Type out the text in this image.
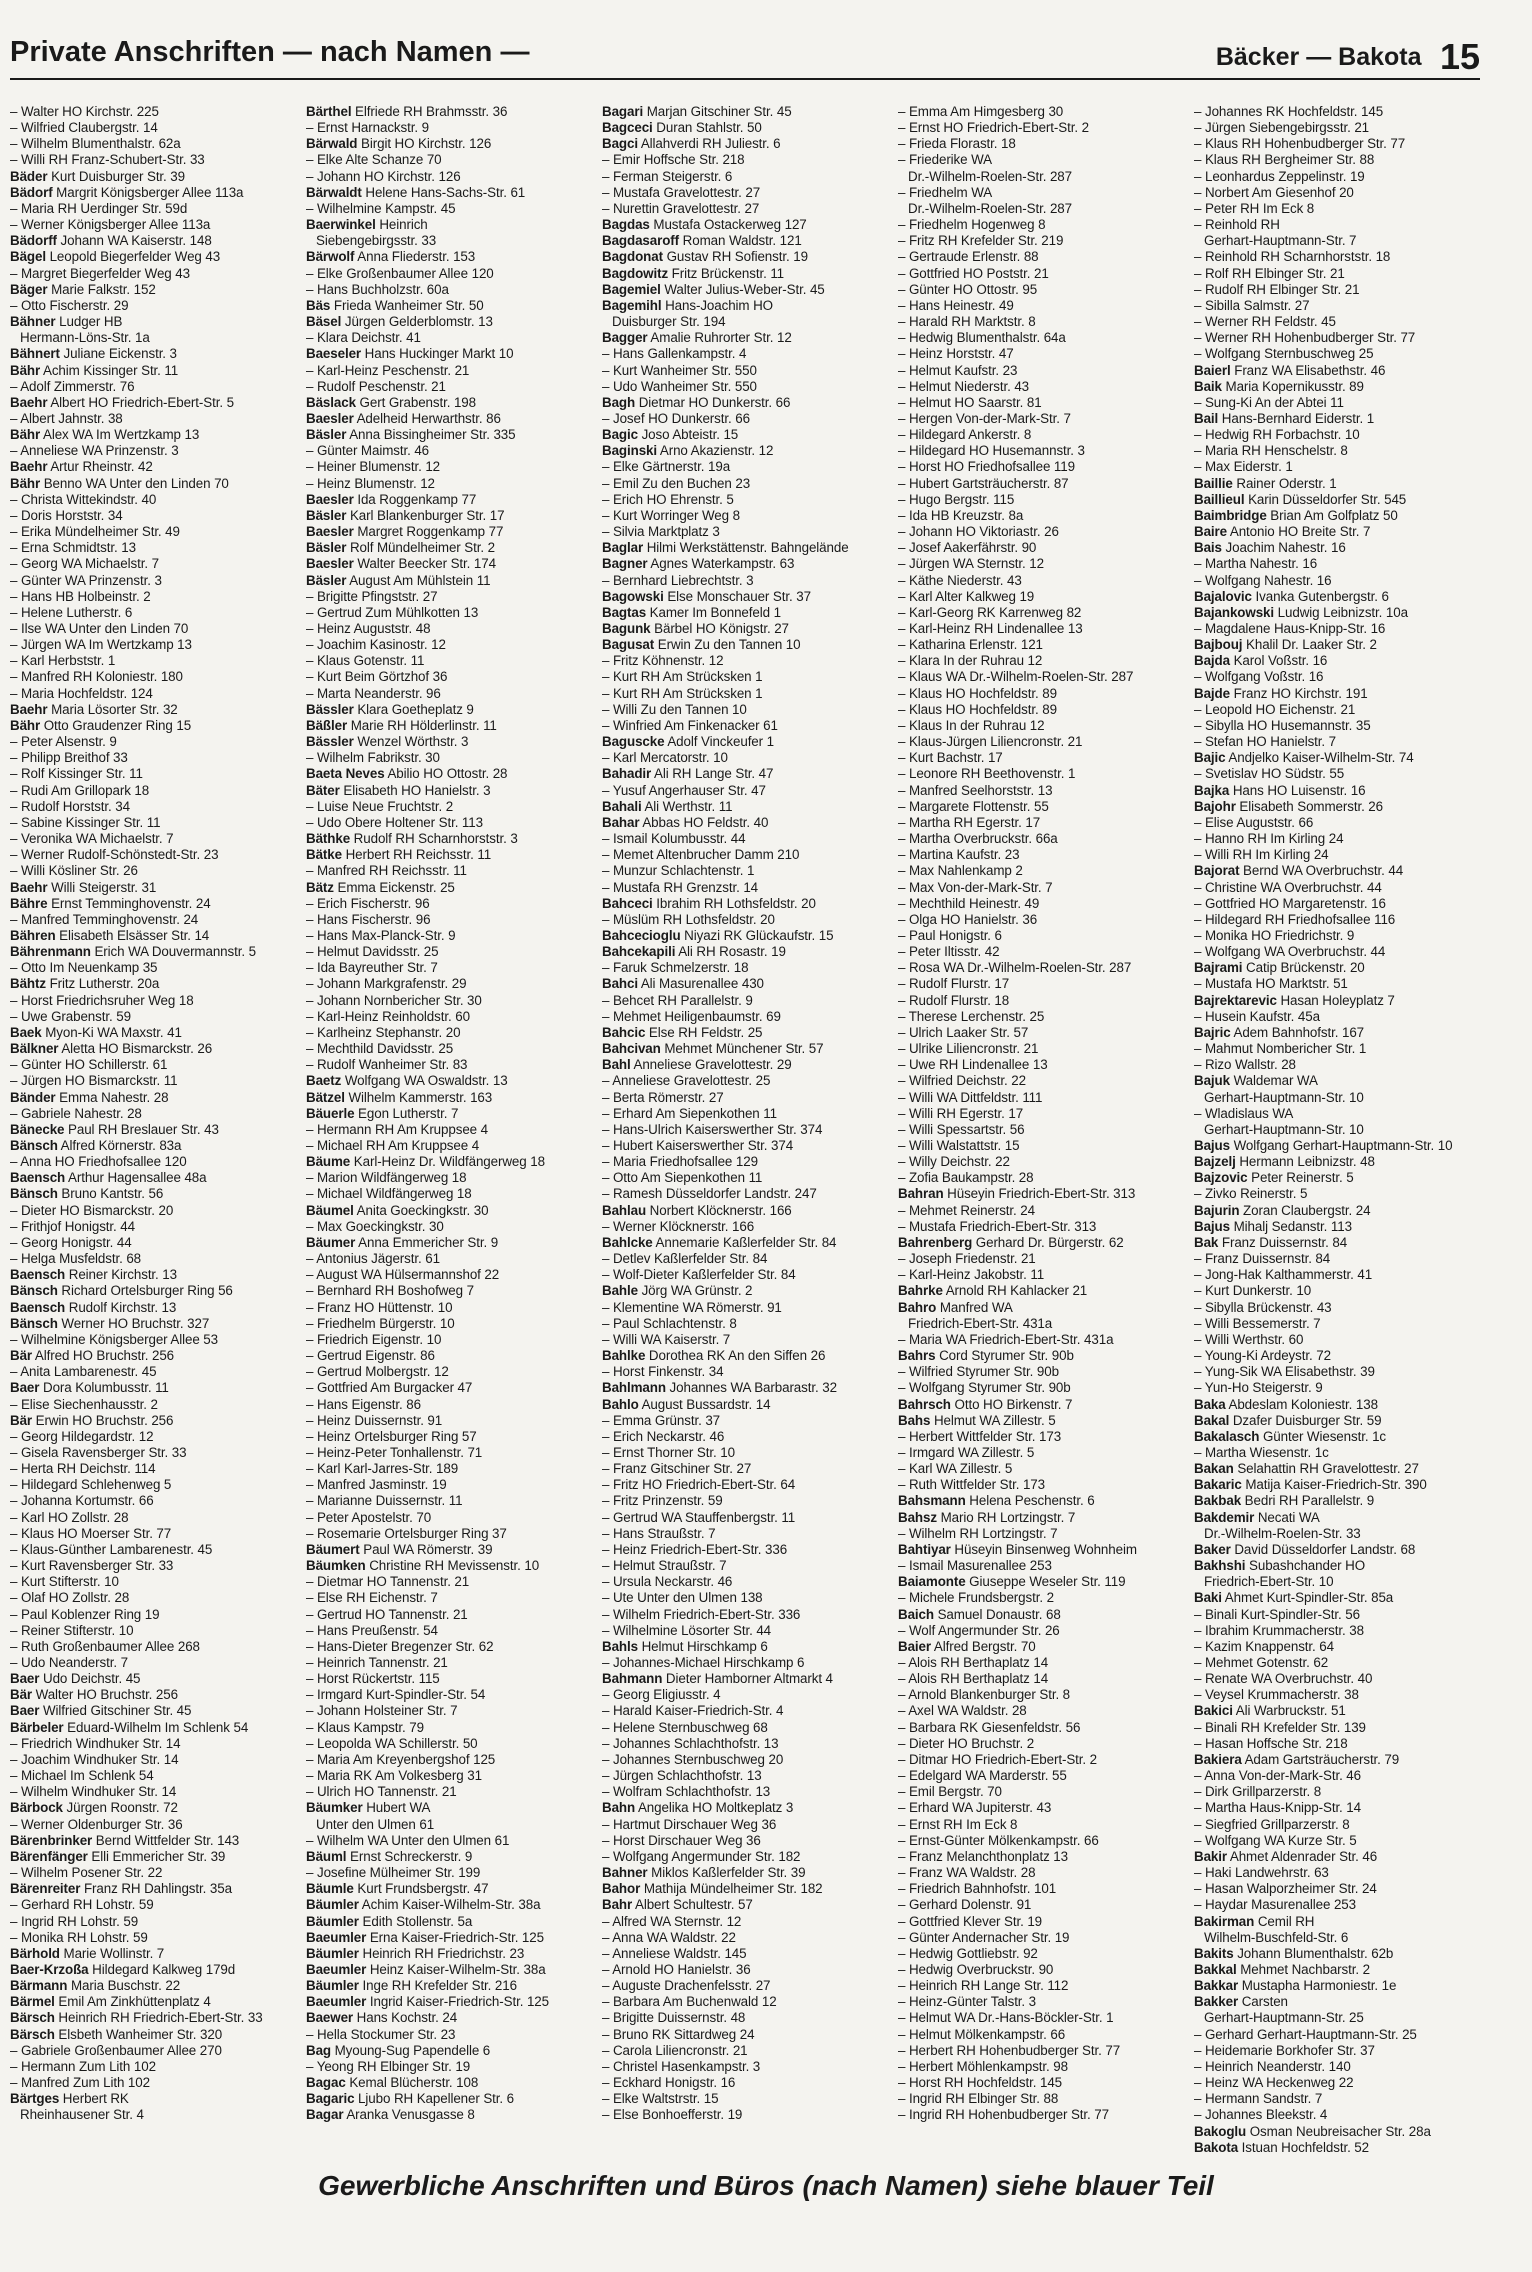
Private Anschriften — nach Namen —	Bäcker — Bakota 15
– Walter HO Kirchstr. 225
– Wilfried Claubergstr. 14
– Wilhelm Blumenthalstr. 62a
– Willi RH Franz-Schubert-Str. 33
Bäder Kurt Duisburger Str. 39
Bädorf Margrit Königsberger Allee 113a
– Maria RH Uerdinger Str. 59d
– Werner Königsberger Allee 113a
Bädorff Johann WA Kaiserstr. 148
Bägel Leopold Biegerfelder Weg 43
– Margret Biegerfelder Weg 43
Bäger Marie Falkstr. 152
– Otto Fischerstr. 29
Bähner Ludger HB
Hermann-Löns-Str. 1a
Bähnert Juliane Eickenstr. 3
Bähr Achim Kissinger Str. 11
– Adolf Zimmerstr. 76
Baehr Albert HO Friedrich-Ebert-Str. 5
– Albert Jahnstr. 38
Bähr Alex WA Im Wertzkamp 13
– Anneliese WA Prinzenstr. 3
Baehr Artur Rheinstr. 42
Bähr Benno WA Unter den Linden 70
– Christa Wittekindstr. 40
– Doris Horststr. 34
– Erika Mündelheimer Str. 49
– Erna Schmidtstr. 13
– Georg WA Michaelstr. 7
– Günter WA Prinzenstr. 3
– Hans HB Holbeinstr. 2
– Helene Lutherstr. 6
– Ilse WA Unter den Linden 70
– Jürgen WA Im Wertzkamp 13
– Karl Herbststr. 1
– Manfred RH Koloniestr. 180
– Maria Hochfeldstr. 124
Baehr Maria Lösorter Str. 32
Bähr Otto Graudenzer Ring 15
– Peter Alsenstr. 9
– Philipp Breithof 33
– Rolf Kissinger Str. 11
– Rudi Am Grillopark 18
– Rudolf Horststr. 34
– Sabine Kissinger Str. 11
– Veronika WA Michaelstr. 7
– Werner Rudolf-Schönstedt-Str. 23
– Willi Kösliner Str. 26
Baehr Willi Steigerstr. 31
Bähre Ernst Temminghovenstr. 24
– Manfred Temminghovenstr. 24
Bähren Elisabeth Elsässer Str. 14
Bährenmann Erich WA Douvermannstr. 5
– Otto Im Neuenkamp 35
Bähtz Fritz Lutherstr. 20a
– Horst Friedrichsruher Weg 18
– Uwe Grabenstr. 59
Baek Myon-Ki WA Maxstr. 41
Bälkner Aletta HO Bismarckstr. 26
– Günter HO Schillerstr. 61
– Jürgen HO Bismarckstr. 11
Bänder Emma Nahestr. 28
– Gabriele Nahestr. 28
Bänecke Paul RH Breslauer Str. 43
Bänsch Alfred Körnerstr. 83a
– Anna HO Friedhofsallee 120
Baensch Arthur Hagensallee 48a
Bänsch Bruno Kantstr. 56
– Dieter HO Bismarckstr. 20
– Frithjof Honigstr. 44
– Georg Honigstr. 44
– Helga Musfeldstr. 68
Baensch Reiner Kirchstr. 13
Bänsch Richard Ortelsburger Ring 56
Baensch Rudolf Kirchstr. 13
Bänsch Werner HO Bruchstr. 327
– Wilhelmine Königsberger Allee 53
Bär Alfred HO Bruchstr. 256
– Anita Lambarenestr. 45
Baer Dora Kolumbusstr. 11
– Elise Siechenhausstr. 2
Bär Erwin HO Bruchstr. 256
– Georg Hildegardstr. 12
– Gisela Ravensberger Str. 33
– Herta RH Deichstr. 114
– Hildegard Schlehenweg 5
– Johanna Kortumstr. 66
– Karl HO Zollstr. 28
– Klaus HO Moerser Str. 77
– Klaus-Günther Lambarenestr. 45
– Kurt Ravensberger Str. 33
– Kurt Stifterstr. 10
– Olaf HO Zollstr. 28
– Paul Koblenzer Ring 19
– Reiner Stifterstr. 10
– Ruth Großenbaumer Allee 268
– Udo Neanderstr. 7
Baer Udo Deichstr. 45
Bär Walter HO Bruchstr. 256
Baer Wilfried Gitschiner Str. 45
Bärbeler Eduard-Wilhelm Im Schlenk 54
– Friedrich Windhuker Str. 14
– Joachim Windhuker Str. 14
– Michael Im Schlenk 54
– Wilhelm Windhuker Str. 14
Bärbock Jürgen Roonstr. 72
– Werner Oldenburger Str. 36
Bärenbrinker Bernd Wittfelder Str. 143
Bärenfänger Elli Emmericher Str. 39
– Wilhelm Posener Str. 22
Bärenreiter Franz RH Dahlingstr. 35a
– Gerhard RH Lohstr. 59
– Ingrid RH Lohstr. 59
– Monika RH Lohstr. 59
Bärhold Marie Wollinstr. 7
Baer-Krzoßa Hildegard Kalkweg 179d
Bärmann Maria Buschstr. 22
Bärmel Emil Am Zinkhüttenplatz 4
Bärsch Heinrich RH Friedrich-Ebert-Str. 33
Bärsch Elsbeth Wanheimer Str. 320
– Gabriele Großenbaumer Allee 270
– Hermann Zum Lith 102
– Manfred Zum Lith 102
Bärtges Herbert RK
Rheinhausener Str. 4
Bärthel Elfriede RH Brahmsstr. 36
– Ernst Harnackstr. 9
Bärwald Birgit HO Kirchstr. 126
– Elke Alte Schanze 70
– Johann HO Kirchstr. 126
Bärwaldt Helene Hans-Sachs-Str. 61
– Wilhelmine Kampstr. 45
Baerwinkel Heinrich
Siebengebirgsstr. 33
Bärwolf Anna Fliederstr. 153
– Elke Großenbaumer Allee 120
– Hans Buchholzstr. 60a
Bäs Frieda Wanheimer Str. 50
Bäsel Jürgen Gelderblomstr. 13
– Klara Deichstr. 41
Baeseler Hans Huckinger Markt 10
– Karl-Heinz Peschenstr. 21
– Rudolf Peschenstr. 21
Bäslack Gert Grabenstr. 198
Baesler Adelheid Herwarthstr. 86
Bäsler Anna Bissingheimer Str. 335
– Günter Maimstr. 46
– Heiner Blumenstr. 12
– Heinz Blumenstr. 12
Baesler Ida Roggenkamp 77
Bäsler Karl Blankenburger Str. 17
Baesler Margret Roggenkamp 77
Bäsler Rolf Mündelheimer Str. 2
Baesler Walter Beecker Str. 174
Bäsler August Am Mühlstein 11
– Brigitte Pfingststr. 27
– Gertrud Zum Mühlkotten 13
– Heinz Auguststr. 48
– Joachim Kasinostr. 12
– Klaus Gotenstr. 11
– Kurt Beim Görtzhof 36
– Marta Neanderstr. 96
Bässler Klara Goetheplatz 9
Bäßler Marie RH Hölderlinstr. 11
Bässler Wenzel Wörthstr. 3
– Wilhelm Fabrikstr. 30
Baeta Neves Abilio HO Ottostr. 28
Bäter Elisabeth HO Hanielstr. 3
– Luise Neue Fruchtstr. 2
– Udo Obere Holtener Str. 113
Bäthke Rudolf RH Scharnhorststr. 3
Bätke Herbert RH Reichsstr. 11
– Manfred RH Reichsstr. 11
Bätz Emma Eickenstr. 25
– Erich Fischerstr. 96
– Hans Fischerstr. 96
– Hans Max-Planck-Str. 9
– Helmut Davidsstr. 25
– Ida Bayreuther Str. 7
– Johann Markgrafenstr. 29
– Johann Nornbericher Str. 30
– Karl-Heinz Reinholdstr. 60
– Karlheinz Stephanstr. 20
– Mechthild Davidsstr. 25
– Rudolf Wanheimer Str. 83
Baetz Wolfgang WA Oswaldstr. 13
Bätzel Wilhelm Kammerstr. 163
Bäuerle Egon Lutherstr. 7
– Hermann RH Am Kruppsee 4
– Michael RH Am Kruppsee 4
Bäume Karl-Heinz Dr. Wildfängerweg 18
– Marion Wildfängerweg 18
– Michael Wildfängerweg 18
Bäumel Anita Goeckingkstr. 30
– Max Goeckingkstr. 30
Bäumer Anna Emmericher Str. 9
– Antonius Jägerstr. 61
– August WA Hülsermannshof 22
– Bernhard RH Boshofweg 7
– Franz HO Hüttenstr. 10
– Friedhelm Bürgerstr. 10
– Friedrich Eigenstr. 10
– Gertrud Eigenstr. 86
– Gertrud Molbergstr. 12
– Gottfried Am Burgacker 47
– Hans Eigenstr. 86
– Heinz Duissernstr. 91
– Heinz Ortelsburger Ring 57
– Heinz-Peter Tonhallenstr. 71
– Karl Karl-Jarres-Str. 189
– Manfred Jasminstr. 19
– Marianne Duissernstr. 11
– Peter Apostelstr. 70
– Rosemarie Ortelsburger Ring 37
Bäumert Paul WA Römerstr. 39
Bäumken Christine RH Mevissenstr. 10
– Dietmar HO Tannenstr. 21
– Else RH Eichenstr. 7
– Gertrud HO Tannenstr. 21
– Hans Preußenstr. 54
– Hans-Dieter Bregenzer Str. 62
– Heinrich Tannenstr. 21
– Horst Rückertstr. 115
– Irmgard Kurt-Spindler-Str. 54
– Johann Holsteiner Str. 7
– Klaus Kampstr. 79
– Leopolda WA Schillerstr. 50
– Maria Am Kreyenbergshof 125
– Maria RK Am Volkesberg 31
– Ulrich HO Tannenstr. 21
Bäumker Hubert WA
Unter den Ulmen 61
– Wilhelm WA Unter den Ulmen 61
Bäuml Ernst Schreckerstr. 9
– Josefine Mülheimer Str. 199
Bäumle Kurt Frundsbergstr. 47
Bäumler Achim Kaiser-Wilhelm-Str. 38a
Bäumler Edith Stollenstr. 5a
Baeumler Erna Kaiser-Friedrich-Str. 125
Bäumler Heinrich RH Friedrichstr. 23
Baeumler Heinz Kaiser-Wilhelm-Str. 38a
Bäumler Inge RH Krefelder Str. 216
Baeumler Ingrid Kaiser-Friedrich-Str. 125
Baewer Hans Kochstr. 24
– Hella Stockumer Str. 23
Bag Myoung-Sug Papendelle 6
– Yeong RH Elbinger Str. 19
Bagac Kemal Blücherstr. 108
Bagaric Ljubo RH Kapellener Str. 6
Bagar Aranka Venusgasse 8
Bagari Marjan Gitschiner Str. 45
Bagceci Duran Stahlstr. 50
Bagci Allahverdi RH Juliestr. 6
– Emir Hoffsche Str. 218
– Ferman Steigerstr. 6
– Mustafa Gravelottestr. 27
– Nurettin Gravelottestr. 27
Bagdas Mustafa Ostackerweg 127
Bagdasaroff Roman Waldstr. 121
Bagdonat Gustav RH Sofienstr. 19
Bagdowitz Fritz Brückenstr. 11
Bagemiel Walter Julius-Weber-Str. 45
Bagemihl Hans-Joachim HO
Duisburger Str. 194
Bagger Amalie Ruhrorter Str. 12
– Hans Gallenkampstr. 4
– Kurt Wanheimer Str. 550
– Udo Wanheimer Str. 550
Bagh Dietmar HO Dunkerstr. 66
– Josef HO Dunkerstr. 66
Bagic Joso Abteistr. 15
Baginski Arno Akazienstr. 12
– Elke Gärtnerstr. 19a
– Emil Zu den Buchen 23
– Erich HO Ehrenstr. 5
– Kurt Worringer Weg 8
– Silvia Marktplatz 3
Baglar Hilmi Werkstättenstr. Bahngelände
Bagner Agnes Waterkampstr. 63
– Bernhard Liebrechtstr. 3
Bagowski Else Monschauer Str. 37
Bagtas Kamer Im Bonnefeld 1
Bagunk Bärbel HO Königstr. 27
Bagusat Erwin Zu den Tannen 10
– Fritz Köhnenstr. 12
– Kurt RH Am Strücksken 1
– Kurt RH Am Strücksken 1
– Willi Zu den Tannen 10
– Winfried Am Finkenacker 61
Baguscke Adolf Vinckeufer 1
– Karl Mercatorstr. 10
Bahadir Ali RH Lange Str. 47
– Yusuf Angerhauser Str. 47
Bahali Ali Werthstr. 11
Bahar Abbas HO Feldstr. 40
– Ismail Kolumbusstr. 44
– Memet Altenbrucher Damm 210
– Munzur Schlachtenstr. 1
– Mustafa RH Grenzstr. 14
Bahceci Ibrahim RH Lothsfeldstr. 20
– Müslüm RH Lothsfeldstr. 20
Bahcecioglu Niyazi RK Glückaufstr. 15
Bahcekapili Ali RH Rosastr. 19
– Faruk Schmelzerstr. 18
Bahci Ali Masurenallee 430
– Behcet RH Parallelstr. 9
– Mehmet Heiligenbaumstr. 69
Bahcic Else RH Feldstr. 25
Bahcivan Mehmet Münchener Str. 57
Bahl Anneliese Gravelottestr. 29
– Anneliese Gravelottestr. 25
– Berta Römerstr. 27
– Erhard Am Siepenkothen 11
– Hans-Ulrich Kaiserswerther Str. 374
– Hubert Kaiserswerther Str. 374
– Maria Friedhofsallee 129
– Otto Am Siepenkothen 11
– Ramesh Düsseldorfer Landstr. 247
Bahlau Norbert Klöcknerstr. 166
– Werner Klöcknerstr. 166
Bahlcke Annemarie Kaßlerfelder Str. 84
– Detlev Kaßlerfelder Str. 84
– Wolf-Dieter Kaßlerfelder Str. 84
Bahle Jörg WA Grünstr. 2
– Klementine WA Römerstr. 91
– Paul Schlachtenstr. 8
– Willi WA Kaiserstr. 7
Bahlke Dorothea RK An den Siffen 26
– Horst Finkenstr. 34
Bahlmann Johannes WA Barbarastr. 32
Bahlo August Bussardstr. 14
– Emma Grünstr. 37
– Erich Neckarstr. 46
– Ernst Thorner Str. 10
– Franz Gitschiner Str. 27
– Fritz HO Friedrich-Ebert-Str. 64
– Fritz Prinzenstr. 59
– Gertrud WA Stauffenbergstr. 11
– Hans Straußstr. 7
– Heinz Friedrich-Ebert-Str. 336
– Helmut Straußstr. 7
– Ursula Neckarstr. 46
– Ute Unter den Ulmen 138
– Wilhelm Friedrich-Ebert-Str. 336
– Wilhelmine Lösorter Str. 44
Bahls Helmut Hirschkamp 6
– Johannes-Michael Hirschkamp 6
Bahmann Dieter Hamborner Altmarkt 4
– Georg Eligiusstr. 4
– Harald Kaiser-Friedrich-Str. 4
– Helene Sternbuschweg 68
– Johannes Schlachthofstr. 13
– Johannes Sternbuschweg 20
– Jürgen Schlachthofstr. 13
– Wolfram Schlachthofstr. 13
Bahn Angelika HO Moltkeplatz 3
– Hartmut Dirschauer Weg 36
– Horst Dirschauer Weg 36
– Wolfgang Angermunder Str. 182
Bahner Miklos Kaßlerfelder Str. 39
Bahor Mathija Mündelheimer Str. 182
Bahr Albert Schultestr. 57
– Alfred WA Sternstr. 12
– Anna WA Waldstr. 22
– Anneliese Waldstr. 145
– Arnold HO Hanielstr. 36
– Auguste Drachenfelsstr. 27
– Barbara Am Buchenwald 12
– Brigitte Duissernstr. 48
– Bruno RK Sittardweg 24
– Carola Liliencronstr. 21
– Christel Hasenkampstr. 3
– Eckhard Honigstr. 16
– Elke Waltstrstr. 15
– Else Bonhoefferstr. 19
– Emma Am Himgesberg 30
– Ernst HO Friedrich-Ebert-Str. 2
– Frieda Florastr. 18
– Friederike WA
Dr.-Wilhelm-Roelen-Str. 287
– Friedhelm WA
Dr.-Wilhelm-Roelen-Str. 287
– Friedhelm Hogenweg 8
– Fritz RH Krefelder Str. 219
– Gertraude Erlenstr. 88
– Gottfried HO Poststr. 21
– Günter HO Ottostr. 95
– Hans Heinestr. 49
– Harald RH Marktstr. 8
– Hedwig Blumenthalstr. 64a
– Heinz Horststr. 47
– Helmut Kaufstr. 23
– Helmut Niederstr. 43
– Helmut HO Saarstr. 81
– Hergen Von-der-Mark-Str. 7
– Hildegard Ankerstr. 8
– Hildegard HO Husemannstr. 3
– Horst HO Friedhofsallee 119
– Hubert Gartsträucherstr. 87
– Hugo Bergstr. 115
– Ida HB Kreuzstr. 8a
– Johann HO Viktoriastr. 26
– Josef Aakerfährstr. 90
– Jürgen WA Sternstr. 12
– Käthe Niederstr. 43
– Karl Alter Kalkweg 19
– Karl-Georg RK Karrenweg 82
– Karl-Heinz RH Lindenallee 13
– Katharina Erlenstr. 121
– Klara In der Ruhrau 12
– Klaus WA Dr.-Wilhelm-Roelen-Str. 287
– Klaus HO Hochfeldstr. 89
– Klaus HO Hochfeldstr. 89
– Klaus In der Ruhrau 12
– Klaus-Jürgen Liliencronstr. 21
– Kurt Bachstr. 17
– Leonore RH Beethovenstr. 1
– Manfred Seelhorststr. 13
– Margarete Flottenstr. 55
– Martha RH Egerstr. 17
– Martha Overbruckstr. 66a
– Martina Kaufstr. 23
– Max Nahlenkamp 2
– Max Von-der-Mark-Str. 7
– Mechthild Heinestr. 49
– Olga HO Hanielstr. 36
– Paul Honigstr. 6
– Peter Iltisstr. 42
– Rosa WA Dr.-Wilhelm-Roelen-Str. 287
– Rudolf Flurstr. 17
– Rudolf Flurstr. 18
– Therese Lerchenstr. 25
– Ulrich Laaker Str. 57
– Ulrike Liliencronstr. 21
– Uwe RH Lindenallee 13
– Wilfried Deichstr. 22
– Willi WA Dittfeldstr. 111
– Willi RH Egerstr. 17
– Willi Spessartstr. 56
– Willi Walstattstr. 15
– Willy Deichstr. 22
– Zofia Baukampstr. 28
Bahran Hüseyin Friedrich-Ebert-Str. 313
– Mehmet Reinerstr. 24
– Mustafa Friedrich-Ebert-Str. 313
Bahrenberg Gerhard Dr. Bürgerstr. 62
– Joseph Friedenstr. 21
– Karl-Heinz Jakobstr. 11
Bahrke Arnold RH Kahlacker 21
Bahro Manfred WA
Friedrich-Ebert-Str. 431a
– Maria WA Friedrich-Ebert-Str. 431a
Bahrs Cord Styrumer Str. 90b
– Wilfried Styrumer Str. 90b
– Wolfgang Styrumer Str. 90b
Bahrsch Otto HO Birkenstr. 7
Bahs Helmut WA Zillestr. 5
– Herbert Wittfelder Str. 173
– Irmgard WA Zillestr. 5
– Karl WA Zillestr. 5
– Ruth Wittfelder Str. 173
Bahsmann Helena Peschenstr. 6
Bahsz Mario RH Lortzingstr. 7
– Wilhelm RH Lortzingstr. 7
Bahtiyar Hüseyin Binsenweg Wohnheim
– Ismail Masurenallee 253
Baiamonte Giuseppe Weseler Str. 119
– Michele Frundsbergstr. 2
Baich Samuel Donaustr. 68
– Wolf Angermunder Str. 26
Baier Alfred Bergstr. 70
– Alois RH Berthaplatz 14
– Alois RH Berthaplatz 14
– Arnold Blankenburger Str. 8
– Axel WA Waldstr. 28
– Barbara RK Giesenfeldstr. 56
– Dieter HO Bruchstr. 2
– Ditmar HO Friedrich-Ebert-Str. 2
– Edelgard WA Marderstr. 55
– Emil Bergstr. 70
– Erhard WA Jupiterstr. 43
– Ernst RH Im Eck 8
– Ernst-Günter Mölkenkampstr. 66
– Franz Melanchthonplatz 13
– Franz WA Waldstr. 28
– Friedrich Bahnhofstr. 101
– Gerhard Dolenstr. 91
– Gottfried Klever Str. 19
– Günter Andernacher Str. 19
– Hedwig Gottliebstr. 92
– Hedwig Overbruckstr. 90
– Heinrich RH Lange Str. 112
– Heinz-Günter Talstr. 3
– Helmut WA Dr.-Hans-Böckler-Str. 1
– Helmut Mölkenkampstr. 66
– Herbert RH Hohenbudberger Str. 77
– Herbert Möhlenkampstr. 98
– Horst RH Hochfeldstr. 145
– Ingrid RH Elbinger Str. 88
– Ingrid RH Hohenbudberger Str. 77
– Johannes RK Hochfeldstr. 145
– Jürgen Siebengebirgsstr. 21
– Klaus RH Hohenbudberger Str. 77
– Klaus RH Bergheimer Str. 88
– Leonhardus Zeppelinstr. 19
– Norbert Am Giesenhof 20
– Peter RH Im Eck 8
– Reinhold RH
Gerhart-Hauptmann-Str. 7
– Reinhold RH Scharnhorststr. 18
– Rolf RH Elbinger Str. 21
– Rudolf RH Elbinger Str. 21
– Sibilla Salmstr. 27
– Werner RH Feldstr. 45
– Werner RH Hohenbudberger Str. 77
– Wolfgang Sternbuschweg 25
Baierl Franz WA Elisabethstr. 46
Baik Maria Kopernikusstr. 89
– Sung-Ki An der Abtei 11
Bail Hans-Bernhard Eiderstr. 1
– Hedwig RH Forbachstr. 10
– Maria RH Henschelstr. 8
– Max Eiderstr. 1
Baillie Rainer Oderstr. 1
Baillieul Karin Düsseldorfer Str. 545
Baimbridge Brian Am Golfplatz 50
Baire Antonio HO Breite Str. 7
Bais Joachim Nahestr. 16
– Martha Nahestr. 16
– Wolfgang Nahestr. 16
Bajalovic Ivanka Gutenbergstr. 6
Bajankowski Ludwig Leibnizstr. 10a
– Magdalene Haus-Knipp-Str. 16
Bajbouj Khalil Dr. Laaker Str. 2
Bajda Karol Voßstr. 16
– Wolfgang Voßstr. 16
Bajde Franz HO Kirchstr. 191
– Leopold HO Eichenstr. 21
– Sibylla HO Husemannstr. 35
– Stefan HO Hanielstr. 7
Bajic Andjelko Kaiser-Wilhelm-Str. 74
– Svetislav HO Südstr. 55
Bajka Hans HO Luisenstr. 16
Bajohr Elisabeth Sommerstr. 26
– Elise Auguststr. 66
– Hanno RH Im Kirling 24
– Willi RH Im Kirling 24
Bajorat Bernd WA Overbruchstr. 44
– Christine WA Overbruchstr. 44
– Gottfried HO Margaretenstr. 16
– Hildegard RH Friedhofsallee 116
– Monika HO Friedrichstr. 9
– Wolfgang WA Overbruchstr. 44
Bajrami Catip Brückenstr. 20
– Mustafa HO Marktstr. 51
Bajrektarevic Hasan Holeyplatz 7
– Husein Kaufstr. 45a
Bajric Adem Bahnhofstr. 167
– Mahmut Nombericher Str. 1
– Rizo Wallstr. 28
Bajuk Waldemar WA
Gerhart-Hauptmann-Str. 10
– Wladislaus WA
Gerhart-Hauptmann-Str. 10
Bajus Wolfgang Gerhart-Hauptmann-Str. 10
Bajzelj Hermann Leibnizstr. 48
Bajzovic Peter Reinerstr. 5
– Zivko Reinerstr. 5
Bajurin Zoran Claubergstr. 24
Bajus Mihalj Sedanstr. 113
Bak Franz Duissernstr. 84
– Franz Duissernstr. 84
– Jong-Hak Kalthammerstr. 41
– Kurt Dunkerstr. 10
– Sibylla Brückenstr. 43
– Willi Bessemerstr. 7
– Willi Werthstr. 60
– Young-Ki Ardeystr. 72
– Yung-Sik WA Elisabethstr. 39
– Yun-Ho Steigerstr. 9
Baka Abdeslam Koloniestr. 138
Bakal Dzafer Duisburger Str. 59
Bakalasch Günter Wiesenstr. 1c
– Martha Wiesenstr. 1c
Bakan Selahattin RH Gravelottestr. 27
Bakaric Matija Kaiser-Friedrich-Str. 390
Bakbak Bedri RH Parallelstr. 9
Bakdemir Necati WA
Dr.-Wilhelm-Roelen-Str. 33
Baker David Düsseldorfer Landstr. 68
Bakhshi Subashchander HO
Friedrich-Ebert-Str. 10
Baki Ahmet Kurt-Spindler-Str. 85a
– Binali Kurt-Spindler-Str. 56
– Ibrahim Krummacherstr. 38
– Kazim Knappenstr. 64
– Mehmet Gotenstr. 62
– Renate WA Overbruchstr. 40
– Veysel Krummacherstr. 38
Bakici Ali Warbruckstr. 51
– Binali RH Krefelder Str. 139
– Hasan Hoffsche Str. 218
Bakiera Adam Gartsträucherstr. 79
– Anna Von-der-Mark-Str. 46
– Dirk Grillparzerstr. 8
– Martha Haus-Knipp-Str. 14
– Siegfried Grillparzerstr. 8
– Wolfgang WA Kurze Str. 5
Bakir Ahmet Aldenrader Str. 46
– Haki Landwehrstr. 63
– Hasan Walporzheimer Str. 24
– Haydar Masurenallee 253
Bakirman Cemil RH
Wilhelm-Buschfeld-Str. 6
Bakits Johann Blumenthalstr. 62b
Bakkal Mehmet Nachbarstr. 2
Bakkar Mustapha Harmoniestr. 1e
Bakker Carsten
Gerhart-Hauptmann-Str. 25
– Gerhard Gerhart-Hauptmann-Str. 25
– Heidemarie Borkhofer Str. 37
– Heinrich Neanderstr. 140
– Heinz WA Heckenweg 22
– Hermann Sandstr. 7
– Johannes Bleekstr. 4
Bakoglu Osman Neubreisacher Str. 28a
Bakota Istuan Hochfeldstr. 52
Gewerbliche Anschriften und Büros (nach Namen) siehe blauer Teil
